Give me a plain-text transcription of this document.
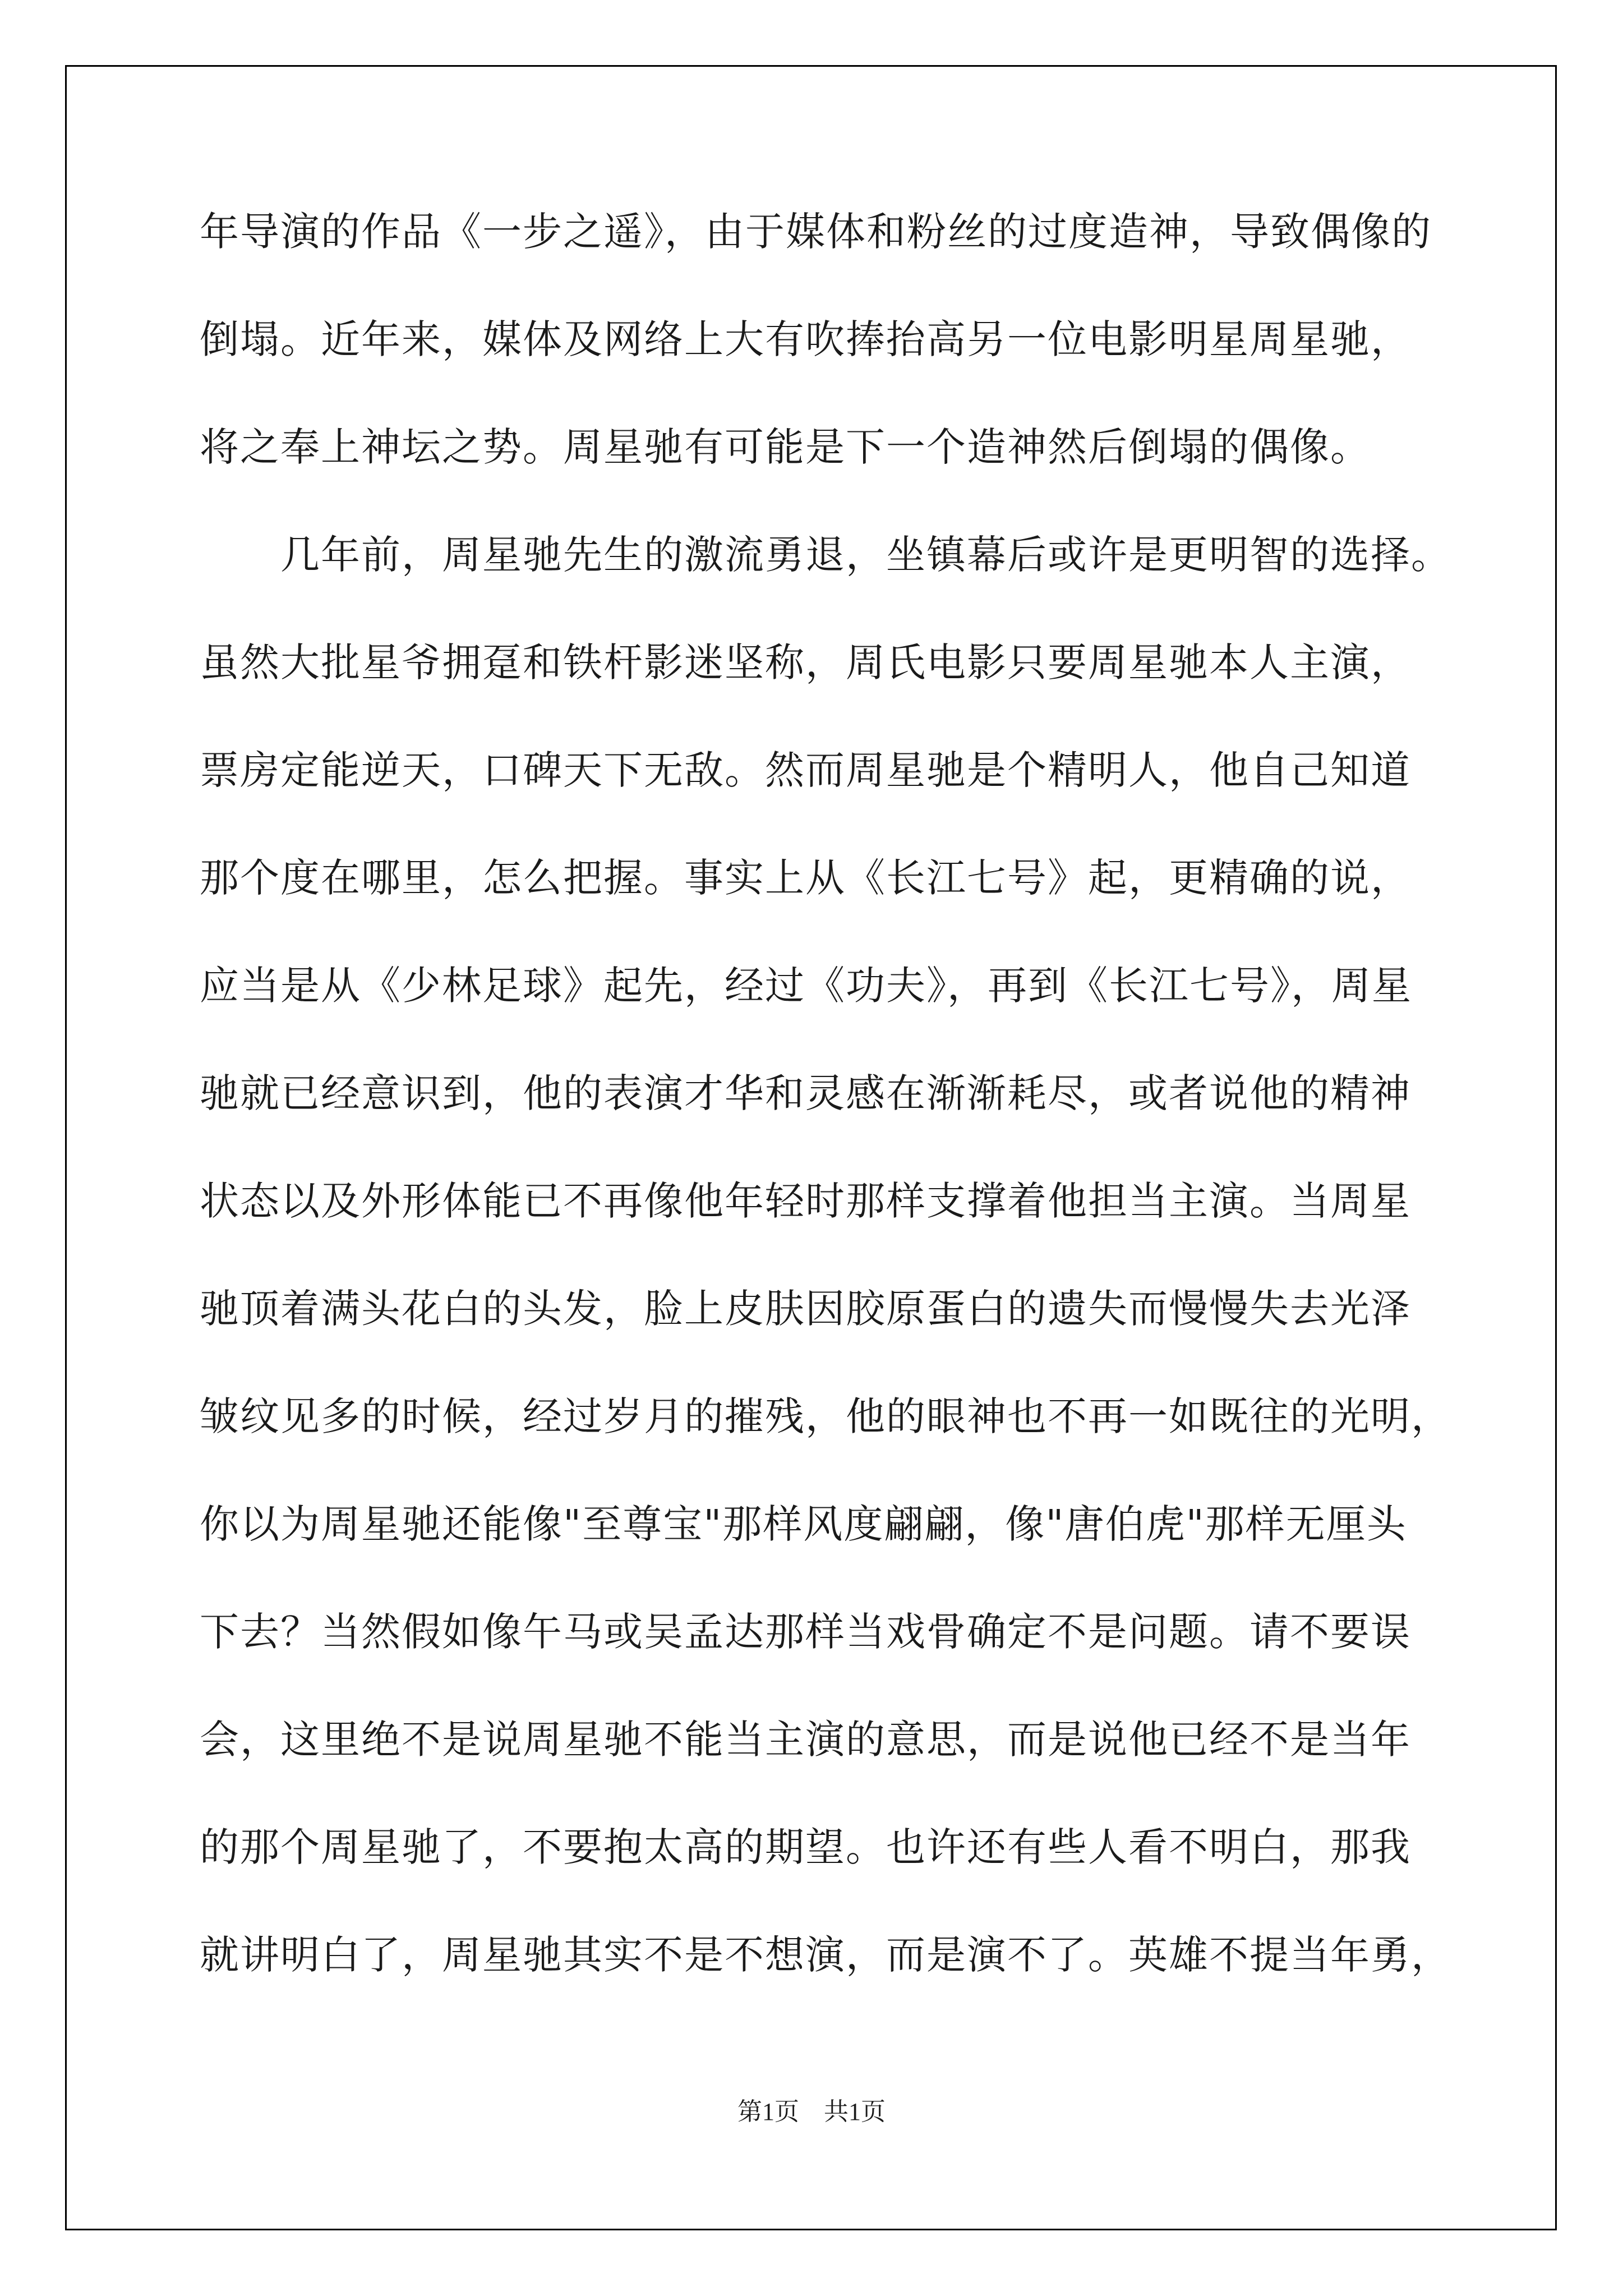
年导演的作品《一步之遥》，由于媒体和粉丝的过度造神，导致偶像的
倒塌。近年来，媒体及网络上大有吹捧抬高另一位电影明星周星驰，
将之奉上神坛之势。周星驰有可能是下一个造神然后倒塌的偶像。
　　几年前，周星驰先生的激流勇退，坐镇幕后或许是更明智的选择。
虽然大批星爷拥趸和铁杆影迷坚称，周氏电影只要周星驰本人主演，
票房定能逆天，口碑天下无敌。然而周星驰是个精明人，他自己知道
那个度在哪里，怎么把握。事实上从《长江七号》起，更精确的说，
应当是从《少林足球》起先，经过《功夫》，再到《长江七号》，周星
驰就已经意识到，他的表演才华和灵感在渐渐耗尽，或者说他的精神
状态以及外形体能已不再像他年轻时那样支撑着他担当主演。当周星
驰顶着满头花白的头发，脸上皮肤因胶原蛋白的遗失而慢慢失去光泽
皱纹见多的时候，经过岁月的摧残，他的眼神也不再一如既往的光明，
你以为周星驰还能像"至尊宝"那样风度翩翩，像"唐伯虎"那样无厘头
下去？当然假如像午马或吴孟达那样当戏骨确定不是问题。请不要误
会，这里绝不是说周星驰不能当主演的意思，而是说他已经不是当年
的那个周星驰了，不要抱太高的期望。也许还有些人看不明白，那我
就讲明白了，周星驰其实不是不想演，而是演不了。英雄不提当年勇，
第1页　共1页
